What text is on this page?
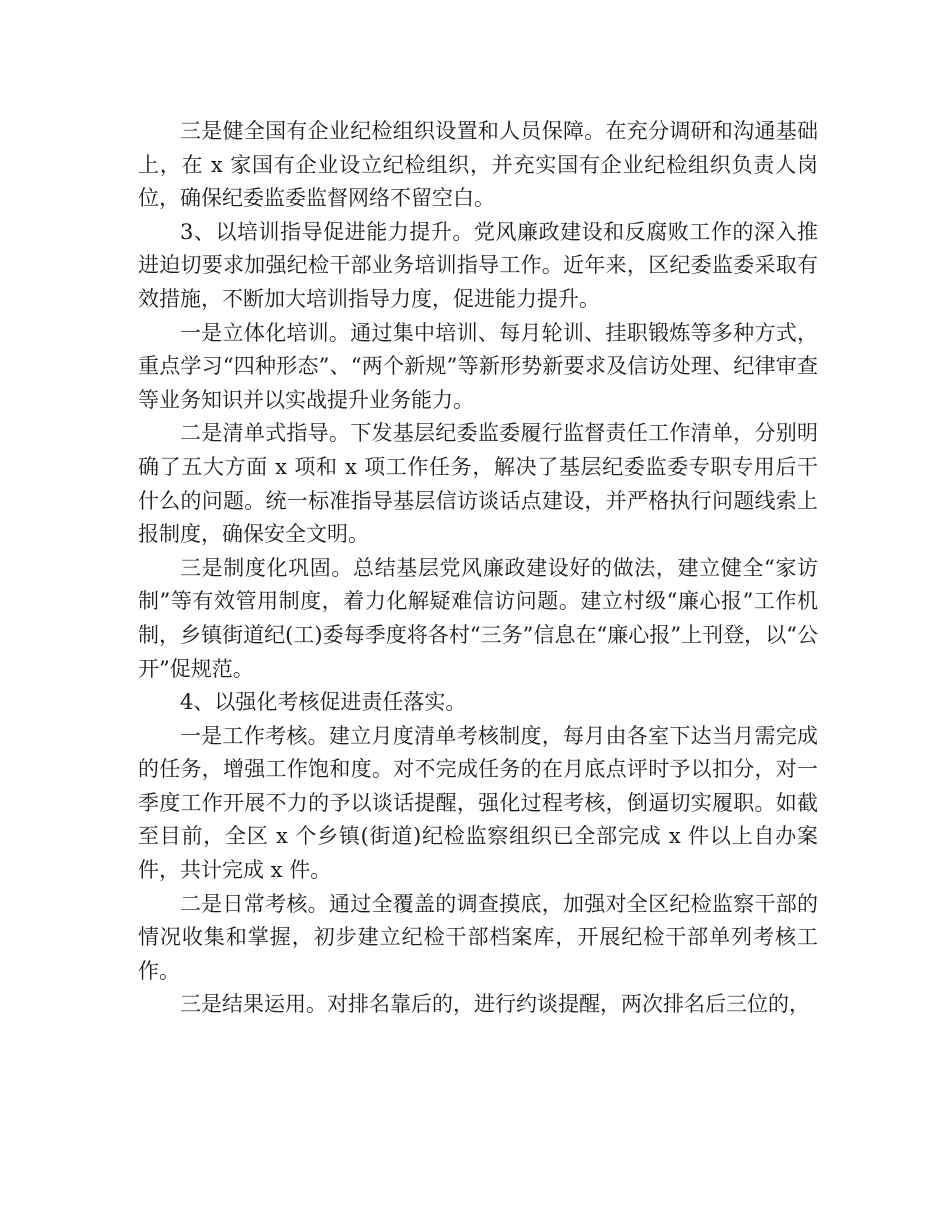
三是健全国有企业纪检组织设置和人员保障。在充分调研和沟通基础上，在 x 家国有企业设立纪检组织，并充实国有企业纪检组织负责人岗位，确保纪委监委监督网络不留空白。

3、以培训指导促进能力提升。党风廉政建设和反腐败工作的深入推进迫切要求加强纪检干部业务培训指导工作。近年来，区纪委监委采取有效措施，不断加大培训指导力度，促进能力提升。

一是立体化培训。通过集中培训、每月轮训、挂职锻炼等多种方式，重点学习“四种形态”、“两个新规”等新形势新要求及信访处理、纪律审查等业务知识并以实战提升业务能力。

二是清单式指导。下发基层纪委监委履行监督责任工作清单，分别明确了五大方面 x 项和 x 项工作任务，解决了基层纪委监委专职专用后干什么的问题。统一标准指导基层信访谈话点建设，并严格执行问题线索上报制度，确保安全文明。

三是制度化巩固。总结基层党风廉政建设好的做法，建立健全“家访制”等有效管用制度，着力化解疑难信访问题。建立村级“廉心报”工作机制，乡镇街道纪(工)委每季度将各村“三务”信息在“廉心报”上刊登，以“公开”促规范。

4、以强化考核促进责任落实。

一是工作考核。建立月度清单考核制度，每月由各室下达当月需完成的任务，增强工作饱和度。对不完成任务的在月底点评时予以扣分，对一季度工作开展不力的予以谈话提醒，强化过程考核，倒逼切实履职。如截至目前，全区 x 个乡镇(街道)纪检监察组织已全部完成 x 件以上自办案件，共计完成 x 件。

二是日常考核。通过全覆盖的调查摸底，加强对全区纪检监察干部的情况收集和掌握，初步建立纪检干部档案库，开展纪检干部单列考核工作。

三是结果运用。对排名靠后的，进行约谈提醒，两次排名后三位的，
